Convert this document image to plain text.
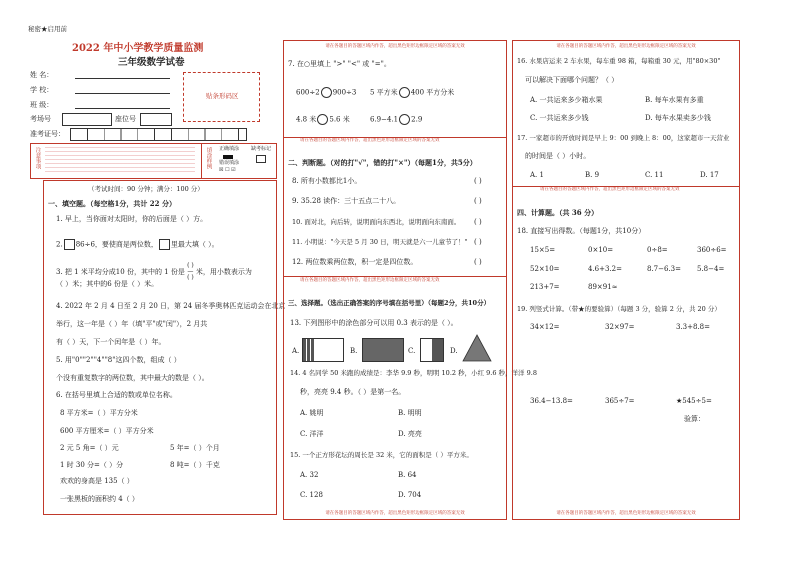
秘密★启用前
2022 年中小学教学质量监测
三年级数学试卷
姓 名：
学 校：
班 级：
考场号	座位号
准考证号：
贴条形码区
注意事项	填涂样例 正确填涂
错误填涂
☒ ☐ ☑
缺考标记
（考试时间：90 分钟；满分：100 分）
一、填空题。（每空格1分，共计 22 分）
1. 早上，当你面对太阳时，你的后面是（ ）方。
2. 86÷6，要使商是两位数， 里最大填（ ）。
3. 把 1 米平均分成10 份，其中的 1 份是 ( )
—
( ) 米，用小数表示为
（ ）米；其中的6 份是（ ）米。
4. 2022 年 2 月 4 日至 2 月 20 日，第 24 届冬季奥林匹克运动会在北京
举行，这一年是（ ）年（填"平"或"闰"），2 月共
有（ ）天，下一个闰年是（ ）年。
5. 用"0""2""4""8"这四个数，组成（ ）
个没有重复数字的两位数，其中最大的数是（ ）。
6. 在括号里填上合适的数或单位名称。
8 平方米=（ ）平方分米
600 平方厘米=（ ）平方分米
2 元 5 角=（ ）元	5 年=（ ）个月
1 时 30 分=（ ）分	8 吨=（ ）千克
欢欢的身高是 135（ ）
一张黑板的面积约 4（ ）
请在各题目的答题区域内作答，超出黑色矩形边框限定区域的答案无效
请在各题目的答题区域内作答，超出黑色矩形边框限定区域的答案无效
7. 在○里填上 ">" "<" 或 "="。
600÷2 900÷3 5 平方米 400 平方分米
4.8 米 5.6 米	6.9−4.1 2.9
请在各题目的答题区域内作答，超出黑色矩形边框限定区域的答案无效
二、判断题。（对的打"√"，错的打"×"）（每题1分，共5分）
8. 所有小数都比1小。	( )
9. 35.28 读作：三十五点二十八。	( )
10. 面对北，向后转，说明面向东西北，说明面向东南面。 ( )
11. 小明说："今天是 5 月 30 日，明天就是六一儿童节了！" ( )
12. 两位数乘两位数，积一定是四位数。	( )
请在各题目的答题区域内作答，超出黑色矩形边框限定区域的答案无效
三、选择题。（选出正确答案的序号填在括号里）（每题2分，共10分）
13. 下列图形中的涂色部分可以用 0.3 表示的是（ ）。
A.	B.	C.	D.
14. 4 名同学 50 米跑的成绩是：李华 9.9 秒，明明 10.2 秒，小红 9.6 秒，洋洋 9.8
秒，亮亮 9.4 秒。（ ）是第一名。
A. 姚明	B. 明明
C. 洋洋	D. 亮亮
15. 一个正方形花坛的周长是 32 米，它的面积是（ ）平方米。
A. 32	B. 64
C. 128	D. 704
请在各题目的答题区域内作答，超出黑色矩形边框限定区域的答案无效
请在各题目的答题区域内作答，超出黑色矩形边框限定区域的答案无效
16. 水果店运来 2 车水果，每车重 98 箱，每箱重 30 元，用"80×30"
可以解决下面哪个问题？（ ）
A. 一共运来多少箱水果	B. 每车水果有多重
C. 一共运来多少钱	D. 每车水果卖多少钱
17. 一家超市的开放时间是早上 9：00 到晚上 8：00，这家超市一天营业
的时间是（ ）小时。
A. 1	B. 9	C. 11	D. 17
请在各题目的答题区域内作答，超出黑色矩形边框限定区域的答案无效
四、计算题。（共 36 分）
18. 直接写出得数。（每题1分，共10分）
19. 列竖式计算。（带★的要验算）（每题 3 分，验算 2 分，共 20 分）
34×12=	32×97=	3.3+8.8=
36.4−13.8=	365÷7=	★545÷5=
验算：
15×5=	0×10=	0÷8=	360÷6=
52×10=	4.6+3.2=	8.7−6.3= 5.8−4=
213+7=	89×91≈
